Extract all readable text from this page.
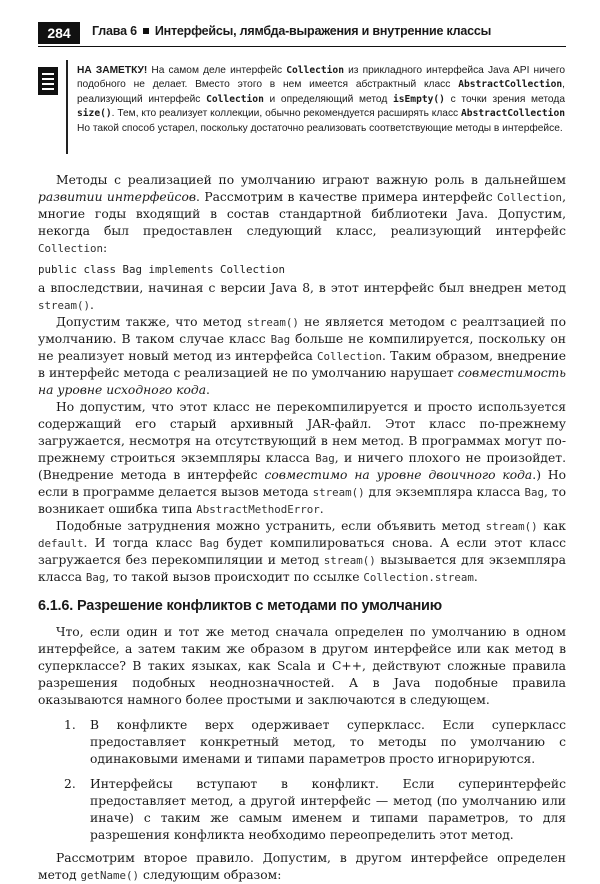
284	Глава 6 Интерфейсы, лямбда-выражения и внутренние классы
НА ЗАМЕТКУ! На самом деле интерфейс Collection из прикладного интерфейса Java API ничего подобного не делает. Вместо этого в нем имеется абстрактный класс AbstractCollection, реализующий интерфейс Collection и определяющий метод isEmpty() с точки зрения метода size(). Тем, кто реализует коллекции, обычно рекомендуется расширять класс AbstractCollection Но такой способ устарел, поскольку достаточно реализовать соответствующие методы в интерфейсе.

Методы с реализацией по умолчанию играют важную роль в дальнейшем развитии интерфейсов. Рассмотрим в качестве примера интерфейс Collection, многие годы входящий в состав стандартной библиотеки Java. Допустим, некогда был предоставлен следующий класс, реализующий интерфейс Collection:

public class Bag implements Collection

а впоследствии, начиная с версии Java 8, в этот интерфейс был внедрен метод stream().

Допустим также, что метод stream() не является методом с реалтзацией по умолчанию. В таком случае класс Bag больше не компилируется, поскольку он не реализует новый метод из интерфейса Collection. Таким образом, внедрение в интерфейс метода с реализацией не по умолчанию нарушает совместимость на уровне исходного кода.

Но допустим, что этот класс не перекомпилируется и просто используется содержащий его старый архивный JAR-файл. Этот класс по-прежнему загружается, несмотря на отсутствующий в нем метод. В программах могут по-прежнему строиться экземпляры класса Bag, и ничего плохого не произойдет. (Внедрение метода в интерфейс совместимо на уровне двоичного кода.) Но если в программе делается вызов метода stream() для экземпляра класса Bag, то возникает ошибка типа AbstractMethodError.

Подобные затруднения можно устранить, если объявить метод stream() как default. И тогда класс Bag будет компилироваться снова. А если этот класс загружается без перекомпиляции и метод stream() вызывается для экземпляра класса Bag, то такой вызов происходит по ссылке Collection.stream.

6.1.6. Разрешение конфликтов с методами по умолчанию

Что, если один и тот же метод сначала определен по умолчанию в одном интерфейсе, а затем таким же образом в другом интерфейсе или как метод в суперклассе? В таких языках, как Scala и C++, действуют сложные правила разрешения подобных неоднозначностей. А в Java подобные правила оказываются намного более простыми и заключаются в следующем.

1. В конфликте верх одерживает суперкласс. Если суперкласс предоставляет конкретный метод, то методы по умолчанию с одинаковыми именами и типами параметров просто игнорируются.

2. Интерфейсы вступают в конфликт. Если суперинтерфейс предоставляет метод, а другой интерфейс — метод (по умолчанию или иначе) с таким же самым именем и типами параметров, то для разрешения конфликта необходимо переопределить этот метод.

Рассмотрим второе правило. Допустим, в другом интерфейсе определен метод getName() следующим образом:
